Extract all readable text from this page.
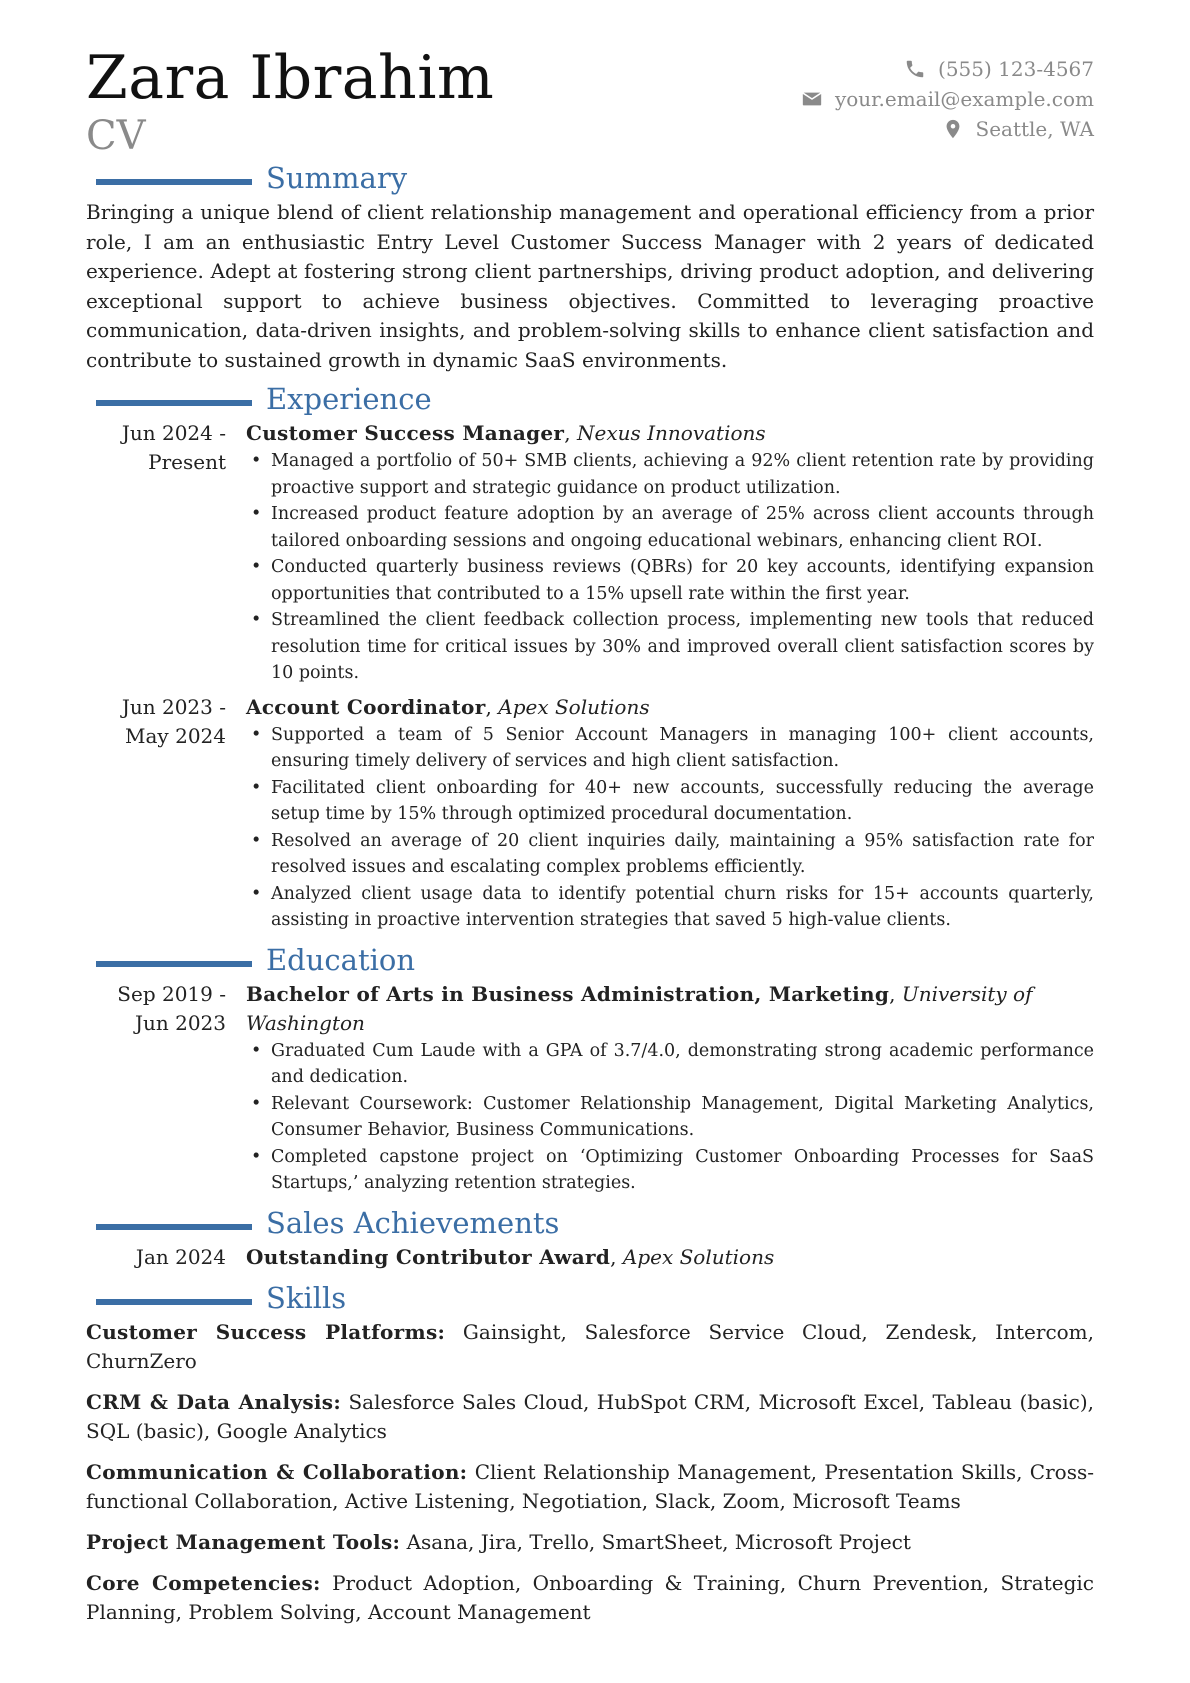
Zara Ibrahim
CV
(555) 123-4567
your.email@example.com
Seattle, WA
Summary

Bringing a unique blend of client relationship management and operational efficiency from a prior role, I am an enthusiastic Entry Level Customer Success Manager with 2 years of dedicated experience. Adept at fostering strong client partnerships, driving product adoption, and delivering exceptional support to achieve business objectives. Committed to leveraging proactive communication, data-driven insights, and problem-solving skills to enhance client satisfaction and contribute to sustained growth in dynamic SaaS environments.

Experience
Jun 2024 - Present
Customer Success Manager, Nexus Innovations
• Managed a portfolio of 50+ SMB clients, achieving a 92% client retention rate by providing proactive support and strategic guidance on product utilization.
• Increased product feature adoption by an average of 25% across client accounts through tailored onboarding sessions and ongoing educational webinars, enhancing client ROI.
• Conducted quarterly business reviews (QBRs) for 20 key accounts, identifying expansion opportunities that contributed to a 15% upsell rate within the first year.
• Streamlined the client feedback collection process, implementing new tools that reduced resolution time for critical issues by 30% and improved overall client satisfaction scores by 10 points.
Jun 2023 - May 2024
Account Coordinator, Apex Solutions
• Supported a team of 5 Senior Account Managers in managing 100+ client accounts, ensuring timely delivery of services and high client satisfaction.
• Facilitated client onboarding for 40+ new accounts, successfully reducing the average setup time by 15% through optimized procedural documentation.
• Resolved an average of 20 client inquiries daily, maintaining a 95% satisfaction rate for resolved issues and escalating complex problems efficiently.
• Analyzed client usage data to identify potential churn risks for 15+ accounts quarterly, assisting in proactive intervention strategies that saved 5 high-value clients.
Education
Sep 2019 - Jun 2023
Bachelor of Arts in Business Administration, Marketing, University of Washington
• Graduated Cum Laude with a GPA of 3.7/4.0, demonstrating strong academic performance and dedication.
• Relevant Coursework: Customer Relationship Management, Digital Marketing Analytics, Consumer Behavior, Business Communications.
• Completed capstone project on ‘Optimizing Customer Onboarding Processes for SaaS Startups,’ analyzing retention strategies.
Sales Achievements
Jan 2024	Outstanding Contributor Award, Apex Solutions
Skills

Customer Success Platforms: Gainsight, Salesforce Service Cloud, Zendesk, Intercom, ChurnZero

CRM & Data Analysis: Salesforce Sales Cloud, HubSpot CRM, Microsoft Excel, Tableau (basic), SQL (basic), Google Analytics

Communication & Collaboration: Client Relationship Management, Presentation Skills, Cross-functional Collaboration, Active Listening, Negotiation, Slack, Zoom, Microsoft Teams

Project Management Tools: Asana, Jira, Trello, SmartSheet, Microsoft Project

Core Competencies: Product Adoption, Onboarding & Training, Churn Prevention, Strategic Planning, Problem Solving, Account Management
